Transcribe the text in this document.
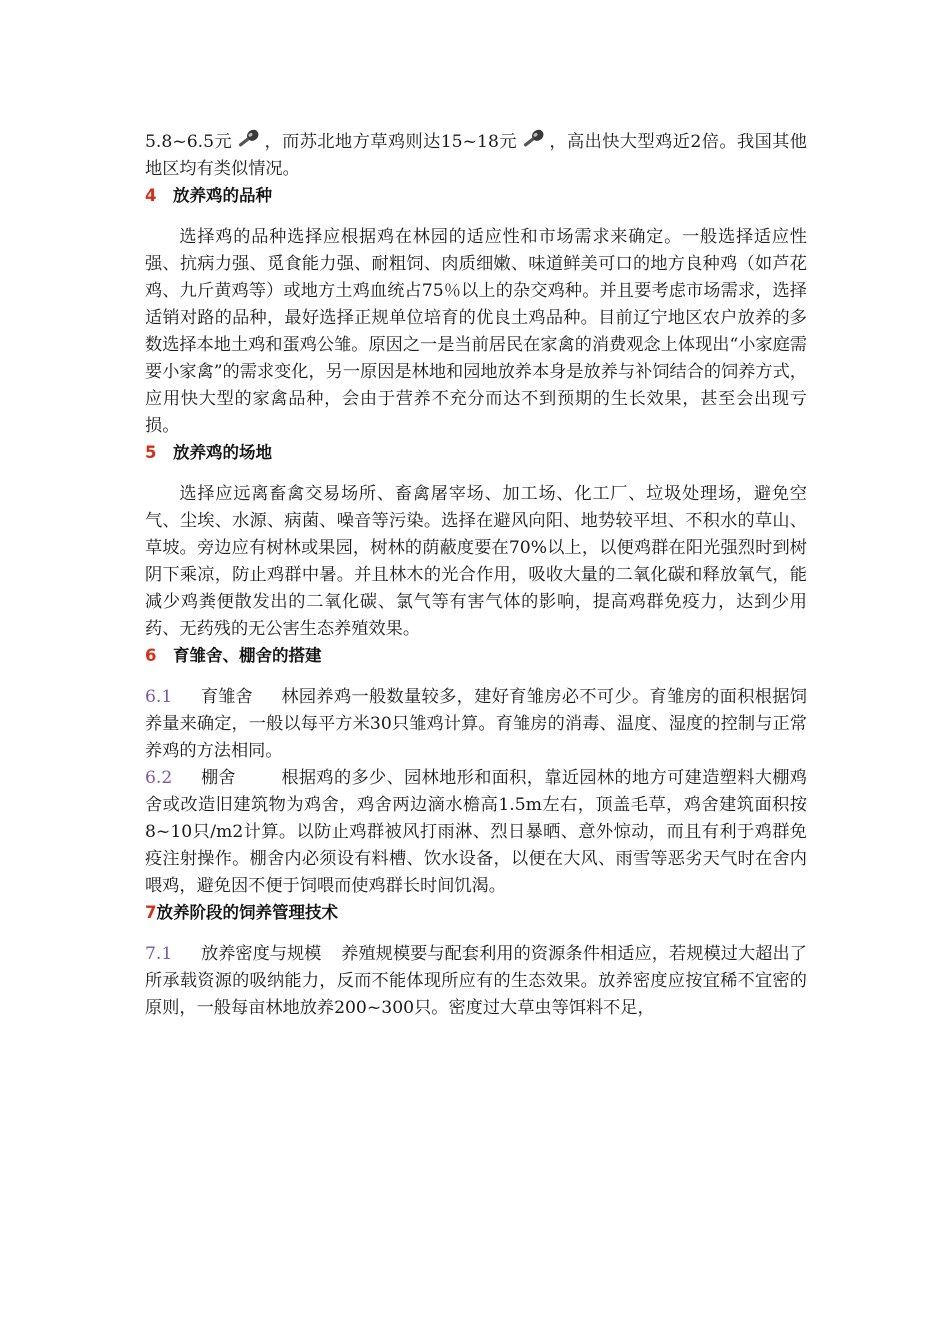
5.8~6.5元 ，而苏北地方草鸡则达15~18元 ，高出快大型鸡近2倍。我国其他地区均有类似情况。

4 放养鸡的品种

选择鸡的品种选择应根据鸡在林园的适应性和市场需求来确定。一般选择适应性强、抗病力强、觅食能力强、耐粗饲、肉质细嫩、味道鲜美可口的地方良种鸡（如芦花鸡、九斤黄鸡等）或地方土鸡血统占75％以上的杂交鸡种。并且要考虑市场需求，选择适销对路的品种，最好选择正规单位培育的优良土鸡品种。目前辽宁地区农户放养的多数选择本地土鸡和蛋鸡公雏。原因之一是当前居民在家禽的消费观念上体现出“小家庭需要小家禽”的需求变化，另一原因是林地和园地放养本身是放养与补饲结合的饲养方式，应用快大型的家禽品种，会由于营养不充分而达不到预期的生长效果，甚至会出现亏损。

5 放养鸡的场地

选择应远离畜禽交易场所、畜禽屠宰场、加工场、化工厂、垃圾处理场，避免空气、尘埃、水源、病菌、噪音等污染。选择在避风向阳、地势较平坦、不积水的草山、草坡。旁边应有树林或果园，树林的荫蔽度要在70%以上，以便鸡群在阳光强烈时到树阴下乘凉，防止鸡群中暑。并且林木的光合作用，吸收大量的二氧化碳和释放氧气，能减少鸡粪便散发出的二氧化碳、氯气等有害气体的影响，提高鸡群免疫力，达到少用药、无药残的无公害生态养殖效果。

6 育雏舍、棚舍的搭建

6.1 育雏舍 林园养鸡一般数量较多，建好育雏房必不可少。育雏房的面积根据饲养量来确定，一般以每平方米30只雏鸡计算。育雏房的消毒、温度、湿度的控制与正常养鸡的方法相同。

6.2 棚舍	根据鸡的多少、园林地形和面积，靠近园林的地方可建造塑料大棚鸡舍或改造旧建筑物为鸡舍，鸡舍两边滴水檐高1.5m左右，顶盖毛草，鸡舍建筑面积按8~10只/m2计算。以防止鸡群被风打雨淋、烈日暴晒、意外惊动，而且有利于鸡群免疫注射操作。棚舍内必须设有料槽、饮水设备，以便在大风、雨雪等恶劣天气时在舍内喂鸡，避免因不便于饲喂而使鸡群长时间饥渴。

7放养阶段的饲养管理技术

7.1 放养密度与规模 养殖规模要与配套利用的资源条件相适应，若规模过大超出了所承载资源的吸纳能力，反而不能体现所应有的生态效果。放养密度应按宜稀不宜密的原则，一般每亩林地放养200~300只。密度过大草虫等饵料不足，
